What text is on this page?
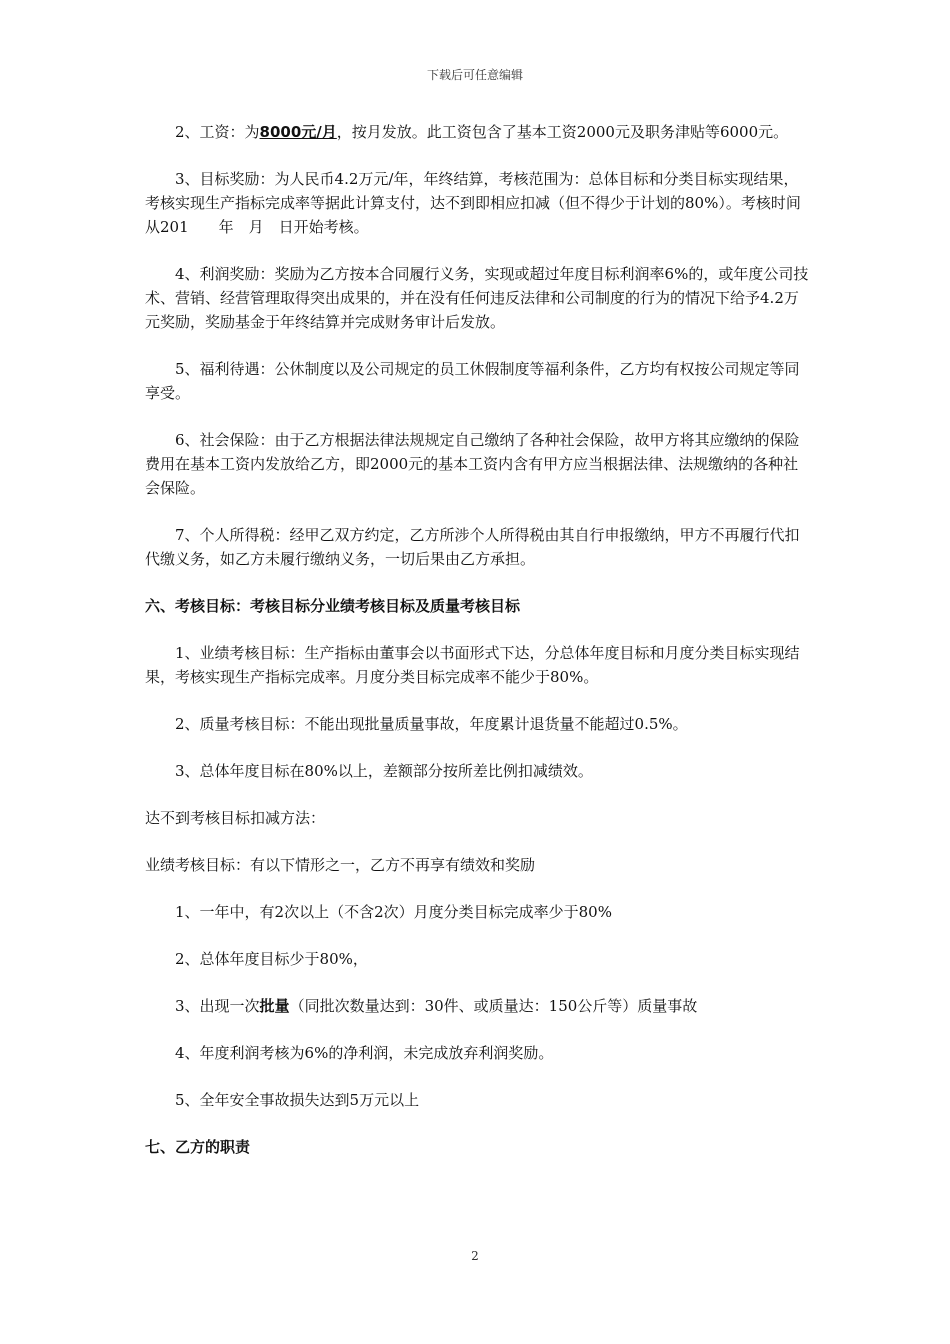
下载后可任意编辑

2、工资：为8000元/月，按月发放。此工资包含了基本工资2000元及职务津贴等6000元。

3、目标奖励：为人民币4.2万元/年，年终结算，考核范围为：总体目标和分类目标实现结果，考核实现生产指标完成率等据此计算支付，达不到即相应扣减（但不得少于计划的80%）。考核时间从201　　年　月　日开始考核。

4、利润奖励：奖励为乙方按本合同履行义务，实现或超过年度目标利润率6%的，或年度公司技术、营销、经营管理取得突出成果的，并在没有任何违反法律和公司制度的行为的情况下给予4.2万元奖励，奖励基金于年终结算并完成财务审计后发放。

5、福利待遇：公休制度以及公司规定的员工休假制度等福利条件，乙方均有权按公司规定等同享受。

6、社会保险：由于乙方根据法律法规规定自己缴纳了各种社会保险，故甲方将其应缴纳的保险费用在基本工资内发放给乙方，即2000元的基本工资内含有甲方应当根据法律、法规缴纳的各种社会保险。

7、个人所得税：经甲乙双方约定，乙方所涉个人所得税由其自行申报缴纳，甲方不再履行代扣代缴义务，如乙方未履行缴纳义务，一切后果由乙方承担。

六、考核目标：考核目标分业绩考核目标及质量考核目标

1、业绩考核目标：生产指标由董事会以书面形式下达，分总体年度目标和月度分类目标实现结果，考核实现生产指标完成率。月度分类目标完成率不能少于80%。

2、质量考核目标：不能出现批量质量事故，年度累计退货量不能超过0.5%。

3、总体年度目标在80%以上，差额部分按所差比例扣减绩效。

达不到考核目标扣减方法：

业绩考核目标：有以下情形之一，乙方不再享有绩效和奖励

1、一年中，有2次以上（不含2次）月度分类目标完成率少于80%

2、总体年度目标少于80%，

3、出现一次批量（同批次数量达到：30件、或质量达：150公斤等）质量事故

4、年度利润考核为6%的净利润，未完成放弃利润奖励。

5、全年安全事故损失达到5万元以上

七、乙方的职责

2
